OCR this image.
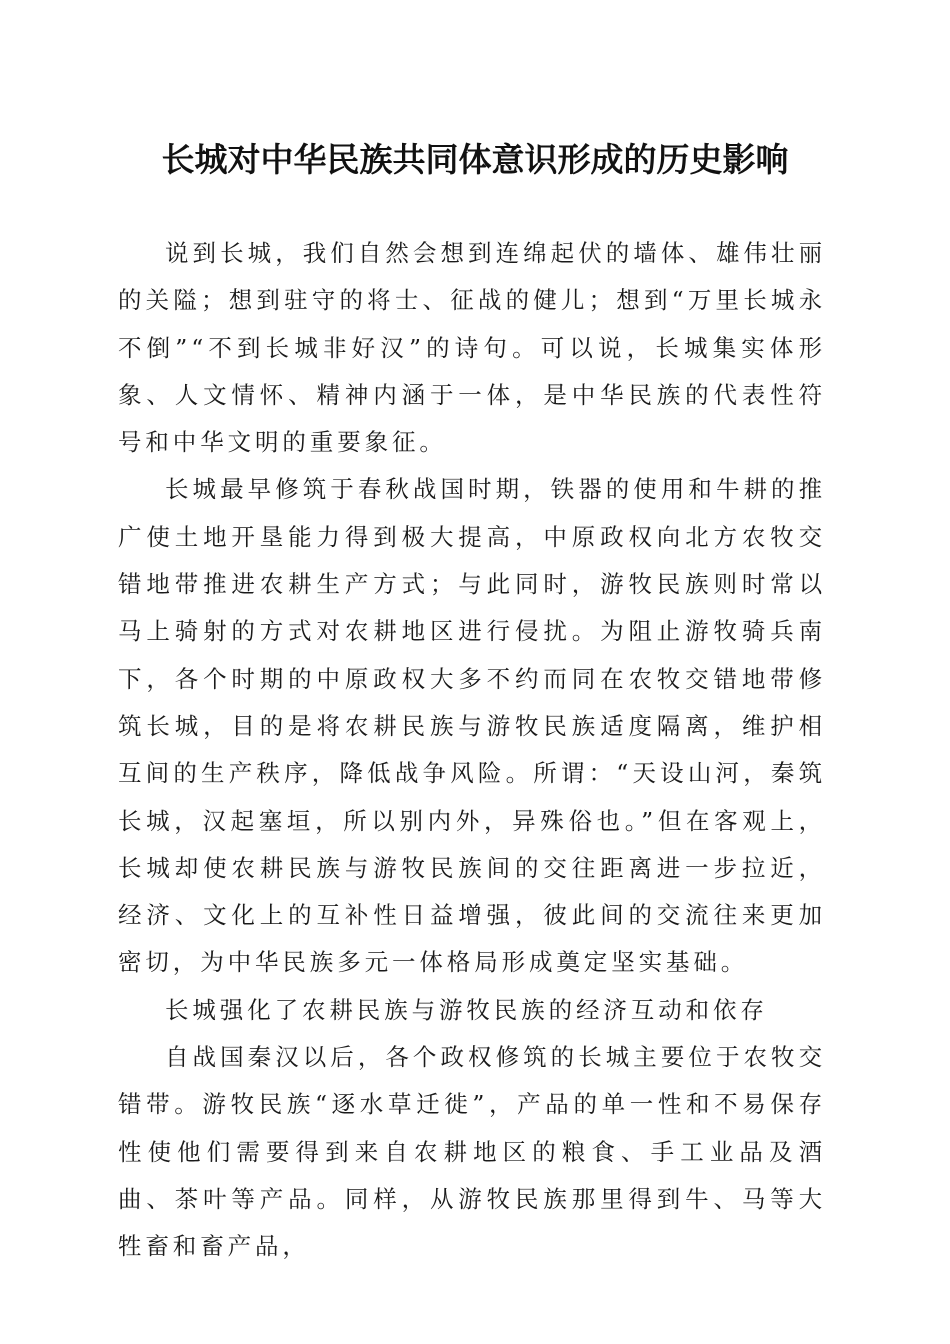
长城对中华民族共同体意识形成的历史影响

说到长城，我们自然会想到连绵起伏的墙体、雄伟壮丽的关隘；想到驻守的将士、征战的健儿；想到“万里长城永不倒”“不到长城非好汉”的诗句。可以说，长城集实体形象、人文情怀、精神内涵于一体，是中华民族的代表性符号和中华文明的重要象征。

长城最早修筑于春秋战国时期，铁器的使用和牛耕的推广使土地开垦能力得到极大提高，中原政权向北方农牧交错地带推进农耕生产方式；与此同时，游牧民族则时常以马上骑射的方式对农耕地区进行侵扰。为阻止游牧骑兵南下，各个时期的中原政权大多不约而同在农牧交错地带修筑长城，目的是将农耕民族与游牧民族适度隔离，维护相互间的生产秩序，降低战争风险。所谓：“天设山河，秦筑长城，汉起塞垣，所以别内外，异殊俗也。”但在客观上，长城却使农耕民族与游牧民族间的交往距离进一步拉近，经济、文化上的互补性日益增强，彼此间的交流往来更加密切，为中华民族多元一体格局形成奠定坚实基础。

长城强化了农耕民族与游牧民族的经济互动和依存

自战国秦汉以后，各个政权修筑的长城主要位于农牧交错带。游牧民族“逐水草迁徙”，产品的单一性和不易保存性使他们需要得到来自农耕地区的粮食、手工业品及酒曲、茶叶等产品。同样，从游牧民族那里得到牛、马等大牲畜和畜产品，
